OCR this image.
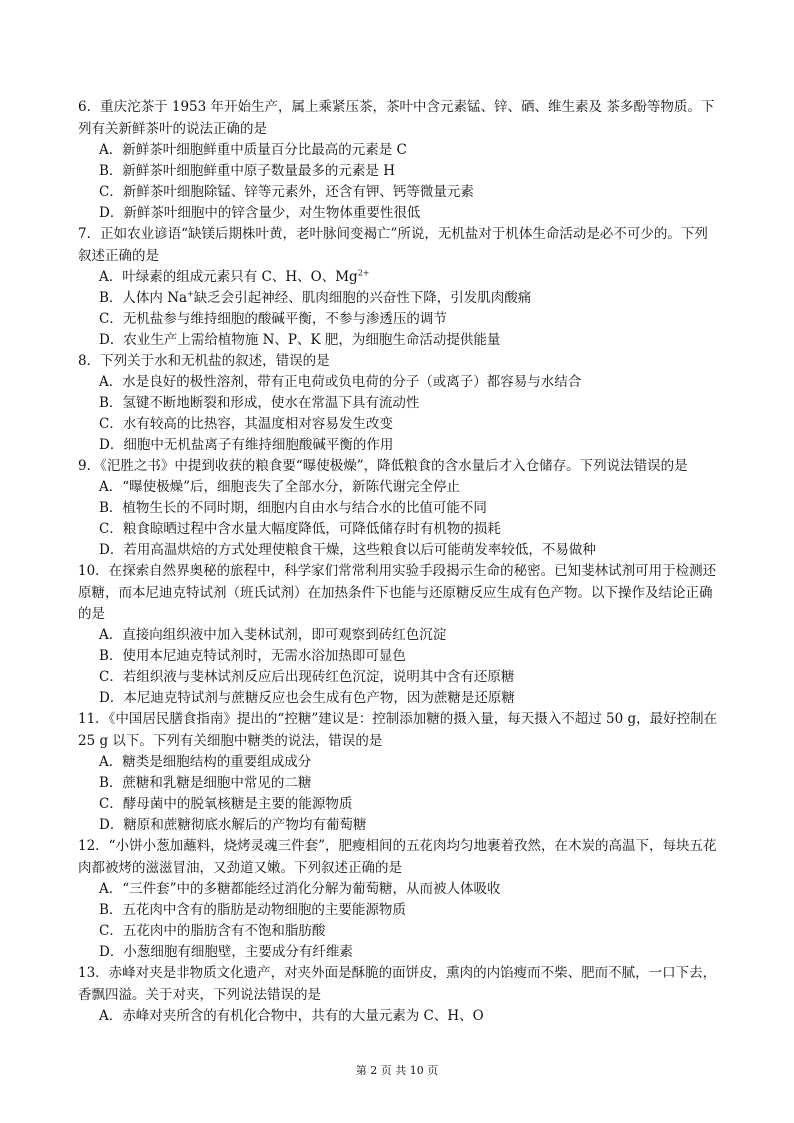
6．重庆沱茶于 1953 年开始生产，属上乘紧压茶，茶叶中含元素锰、锌、硒、维生素及 茶多酚等物质。下列有关新鲜茶叶的说法正确的是
A．新鲜茶叶细胞鲜重中质量百分比最高的元素是 C
B．新鲜茶叶细胞鲜重中原子数量最多的元素是 H
C．新鲜茶叶细胞除锰、锌等元素外，还含有钾、钙等微量元素
D．新鲜茶叶细胞中的锌含量少，对生物体重要性很低
7．正如农业谚语“缺镁后期株叶黄，老叶脉间变褐亡”所说，无机盐对于机体生命活动是必不可少的。下列叙述正确的是
A．叶绿素的组成元素只有 C、H、O、$Mg^{2+}$
B．人体内 Na+缺乏会引起神经、肌肉细胞的兴奋性下降，引发肌肉酸痛
C．无机盐参与维持细胞的酸碱平衡，不参与渗透压的调节
D．农业生产上需给植物施 N、P、K 肥，为细胞生命活动提供能量
8．下列关于水和无机盐的叙述，错误的是
A．水是良好的极性溶剂，带有正电荷或负电荷的分子（或离子）都容易与水结合
B．氢键不断地断裂和形成，使水在常温下具有流动性
C．水有较高的比热容，其温度相对容易发生改变
D．细胞中无机盐离子有维持细胞酸碱平衡的作用
9．《汜胜之书》中提到收获的粮食要“曝使极燥”，降低粮食的含水量后才入仓储存。下列说法错误的是
A．“曝使极燥”后，细胞丧失了全部水分，新陈代谢完全停止
B．植物生长的不同时期，细胞内自由水与结合水的比值可能不同
C．粮食晾晒过程中含水量大幅度降低，可降低储存时有机物的损耗
D．若用高温烘焙的方式处理使粮食干燥，这些粮食以后可能萌发率较低，不易做种
10．在探索自然界奥秘的旅程中，科学家们常常利用实验手段揭示生命的秘密。已知斐林试剂可用于检测还原糖，而本尼迪克特试剂（班氏试剂）在加热条件下也能与还原糖反应生成有色产物。以下操作及结论正确的是
A．直接向组织液中加入斐林试剂，即可观察到砖红色沉淀
B．使用本尼迪克特试剂时，无需水浴加热即可显色
C．若组织液与斐林试剂反应后出现砖红色沉淀，说明其中含有还原糖
D．本尼迪克特试剂与蔗糖反应也会生成有色产物，因为蔗糖是还原糖
11．《中国居民膳食指南》提出的“控糖”建议是：控制添加糖的摄入量，每天摄入不超过 50 g，最好控制在 25 g 以下。下列有关细胞中糖类的说法，错误的是
A．糖类是细胞结构的重要组成成分
B．蔗糖和乳糖是细胞中常见的二糖
C．酵母菌中的脱氧核糖是主要的能源物质
D．糖原和蔗糖彻底水解后的产物均有葡萄糖
12．“小饼小葱加蘸料，烧烤灵魂三件套”，肥瘦相间的五花肉均匀地裹着孜然，在木炭的高温下，每块五花肉都被烤的滋滋冒油，又劲道又嫩。下列叙述正确的是
A．“三件套”中的多糖都能经过消化分解为葡萄糖，从而被人体吸收
B．五花肉中含有的脂肪是动物细胞的主要能源物质
C．五花肉中的脂肪含有不饱和脂肪酸
D．小葱细胞有细胞壁，主要成分有纤维素
13．赤峰对夹是非物质文化遗产，对夹外面是酥脆的面饼皮，熏肉的内馅瘦而不柴、肥而不腻，一口下去，香飘四溢。关于对夹，下列说法错误的是
A．赤峰对夹所含的有机化合物中，共有的大量元素为 C、H、O
第 2 页 共 10 页
